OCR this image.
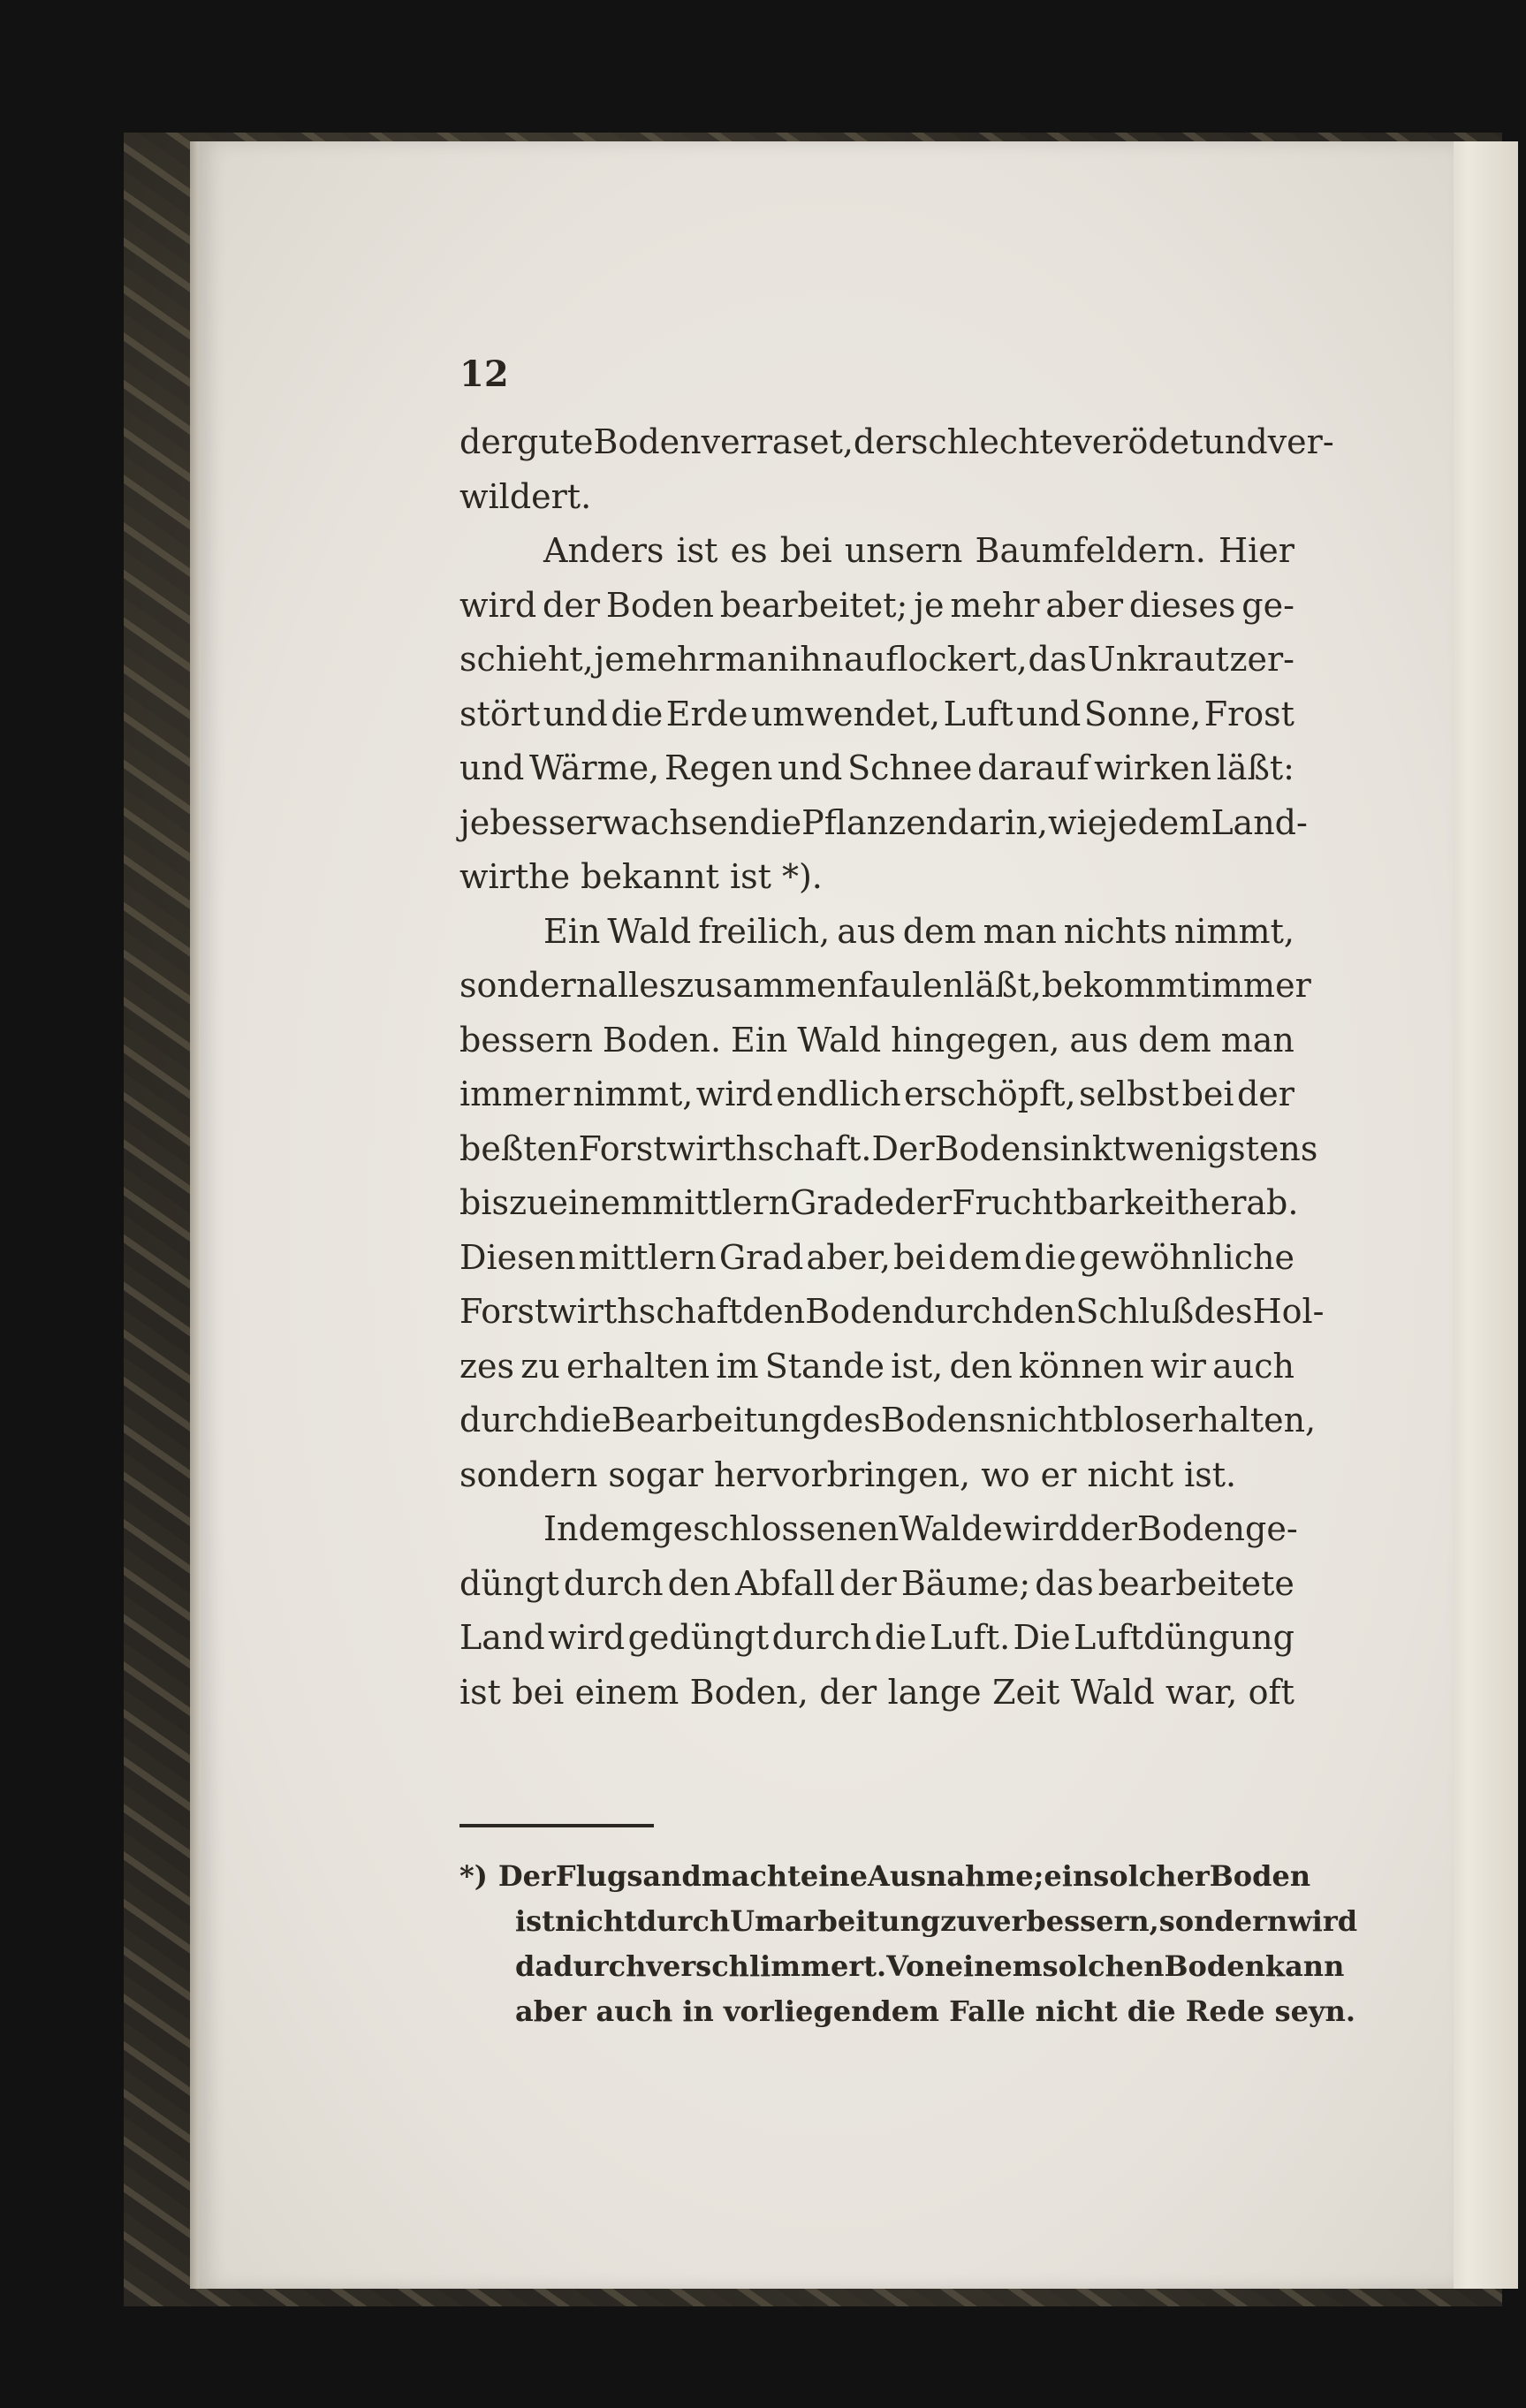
12
der gute Boden verraset, der schlechte verödet und ver-
wildert.
Anders ist es bei unsern Baumfeldern. Hier
wird der Boden bearbeitet; je mehr aber dieses ge-
schieht, je mehr man ihn auflockert, das Unkraut zer-
stört und die Erde umwendet, Luft und Sonne, Frost
und Wärme, Regen und Schnee darauf wirken läßt:
je besser wachsen die Pflanzen darin, wie jedem Land-
wirthe bekannt ist *).
Ein Wald freilich, aus dem man nichts nimmt,
sondern alles zusammenfaulen läßt, bekommt immer
bessern Boden. Ein Wald hingegen, aus dem man
immer nimmt, wird endlich erschöpft, selbst bei der
beßten Forstwirthschaft. Der Boden sinkt wenigstens
bis zu einem mittlern Grade der Fruchtbarkeit herab.
Diesen mittlern Grad aber, bei dem die gewöhnliche
Forstwirthschaft den Boden durch den Schluß des Hol-
zes zu erhalten im Stande ist, den können wir auch
durch die Bearbeitung des Bodens nicht blos erhalten,
sondern sogar hervorbringen, wo er nicht ist.
In dem geschlossenen Walde wird der Boden ge-
düngt durch den Abfall der Bäume; das bearbeitete
Land wird gedüngt durch die Luft. Die Luftdüngung
ist bei einem Boden, der lange Zeit Wald war, oft
*) Der Flugsand macht eine Ausnahme; ein solcher Boden
ist nicht durch Umarbeitung zu verbessern, sondern wird
dadurch verschlimmert. Von einem solchen Boden kann
aber auch in vorliegendem Falle nicht die Rede seyn.
